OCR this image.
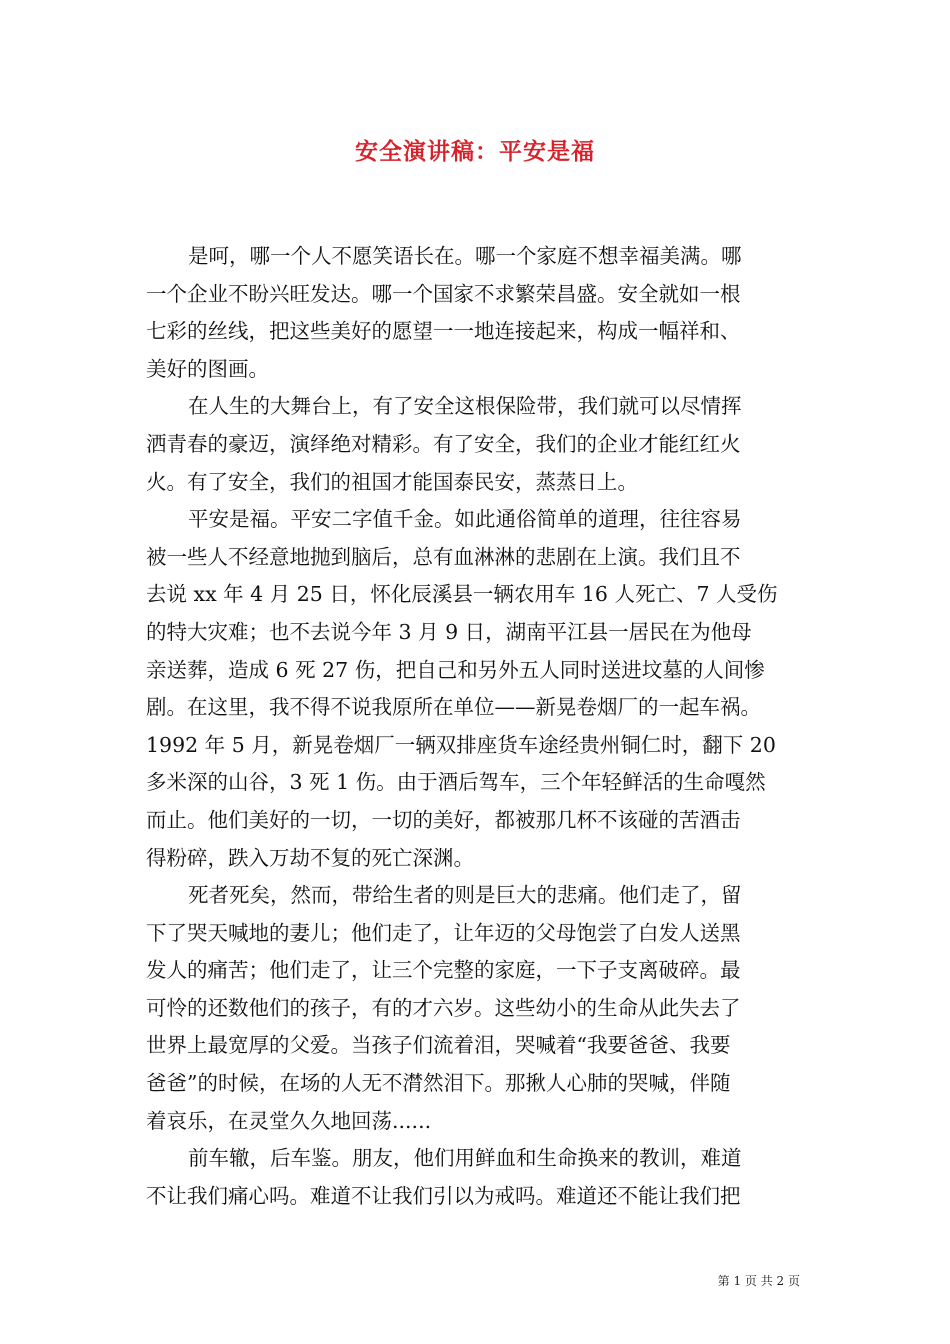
安全演讲稿：平安是福
是呵，哪一个人不愿笑语长在。哪一个家庭不想幸福美满。哪
一个企业不盼兴旺发达。哪一个国家不求繁荣昌盛。安全就如一根
七彩的丝线，把这些美好的愿望一一地连接起来，构成一幅祥和、
美好的图画。
在人生的大舞台上，有了安全这根保险带，我们就可以尽情挥
洒青春的豪迈，演绎绝对精彩。有了安全，我们的企业才能红红火
火。有了安全，我们的祖国才能国泰民安，蒸蒸日上。
平安是福。平安二字值千金。如此通俗简单的道理，往往容易
被一些人不经意地抛到脑后，总有血淋淋的悲剧在上演。我们且不
去说 xx 年 4 月 25 日，怀化辰溪县一辆农用车 16 人死亡、7 人受伤
的特大灾难；也不去说今年 3 月 9 日，湖南平江县一居民在为他母
亲送葬，造成 6 死 27 伤，把自己和另外五人同时送进坟墓的人间惨
剧。在这里，我不得不说我原所在单位——新晃卷烟厂的一起车祸。
1992 年 5 月，新晃卷烟厂一辆双排座货车途经贵州铜仁时，翻下 20
多米深的山谷，3 死 1 伤。由于酒后驾车，三个年轻鲜活的生命嘎然
而止。他们美好的一切，一切的美好，都被那几杯不该碰的苦酒击
得粉碎，跌入万劫不复的死亡深渊。
死者死矣，然而，带给生者的则是巨大的悲痛。他们走了，留
下了哭天喊地的妻儿；他们走了，让年迈的父母饱尝了白发人送黑
发人的痛苦；他们走了，让三个完整的家庭，一下子支离破碎。最
可怜的还数他们的孩子，有的才六岁。这些幼小的生命从此失去了
世界上最宽厚的父爱。当孩子们流着泪，哭喊着“我要爸爸、我要
爸爸”的时候，在场的人无不潸然泪下。那揪人心肺的哭喊，伴随
着哀乐，在灵堂久久地回荡......
前车辙，后车鉴。朋友，他们用鲜血和生命换来的教训，难道
不让我们痛心吗。难道不让我们引以为戒吗。难道还不能让我们把
第 1 页 共 2 页
